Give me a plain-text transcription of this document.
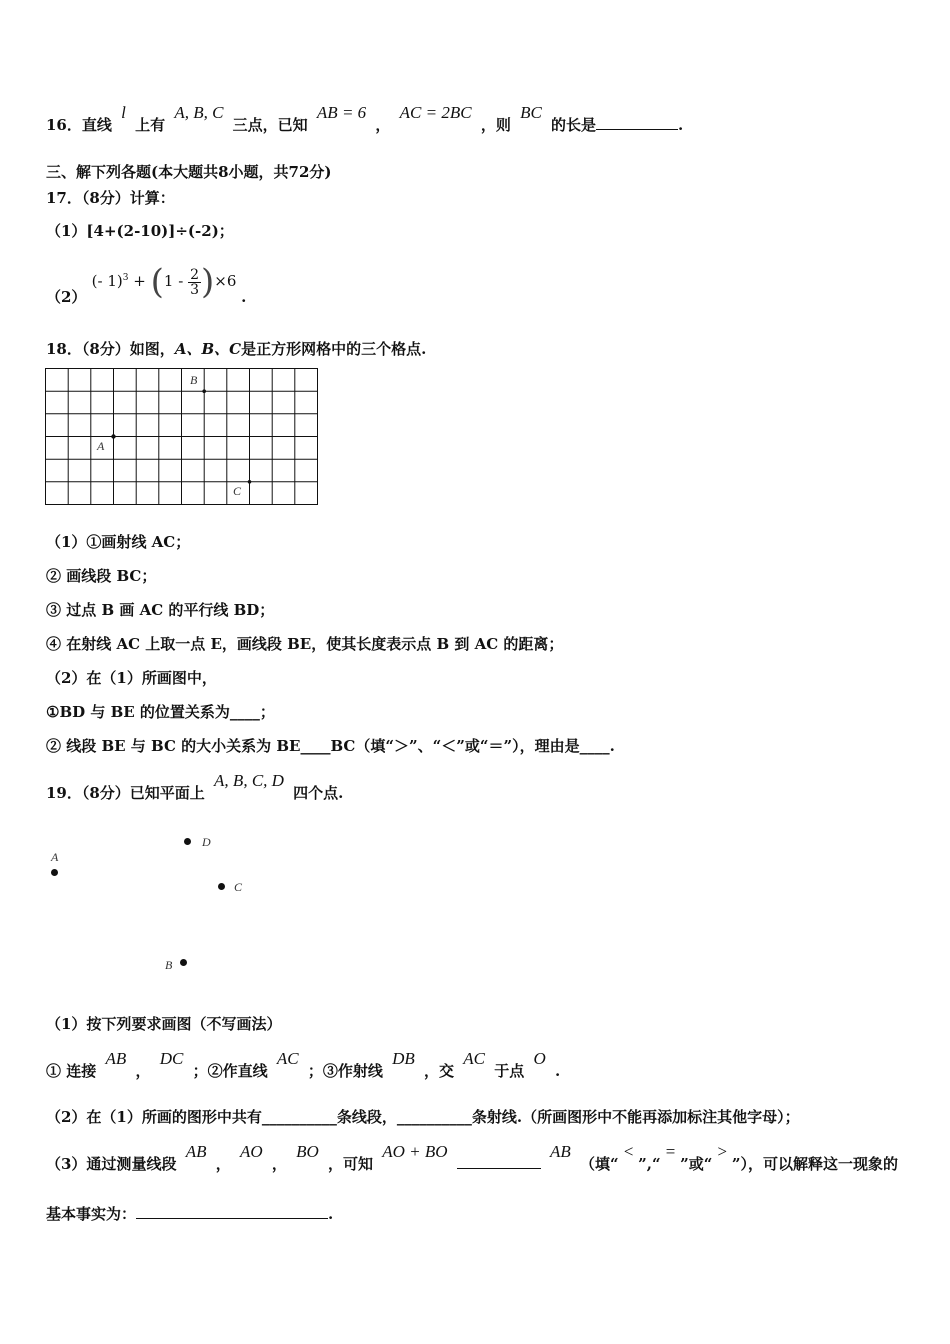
16．直线 l 上有 A, B, C 三点，已知 AB = 6 ， AC = 2BC ，则 BC 的长是	.
三、解下列各题(本大题共8小题，共72分)
17．（8分）计算：
（1）[4+(2-10)]÷(-2)；
（2） (- $1)^3 + (1 - \frac{2}{3} )\times 6$ .
18．（8分）如图，A、B、C是正方形网格中的三个格点.
A
B
C
（1）①画射线 AC；
② 画线段 BC；
③ 过点 B 画 AC 的平行线 BD；
④ 在射线 AC 上取一点 E，画线段 BE，使其长度表示点 B 到 AC 的距离；
（2）在（1）所画图中，
①BD 与 BE 的位置关系为____；
② 线段 BE 与 BC 的大小关系为 BE____BC（填“＞”、“＜”或“＝”），理由是____.
19．（8分）已知平面上 A, B, C, D 四个点.
A
D
C
B
（1）按下列要求画图（不写画法）
① 连接 AB ， DC ；②作直线 AC ；③作射线 DB ，交 AC 于点 O .
（2）在（1）所画的图形中共有__________条线段，__________条射线.（所画图形中不能再添加标注其他字母）；
（3）通过测量线段 AB ， AO ， BO ，可知 AO + BO	AB （填“<”,“=”或“>”），可以解释这一现象的
基本事实为：	.
